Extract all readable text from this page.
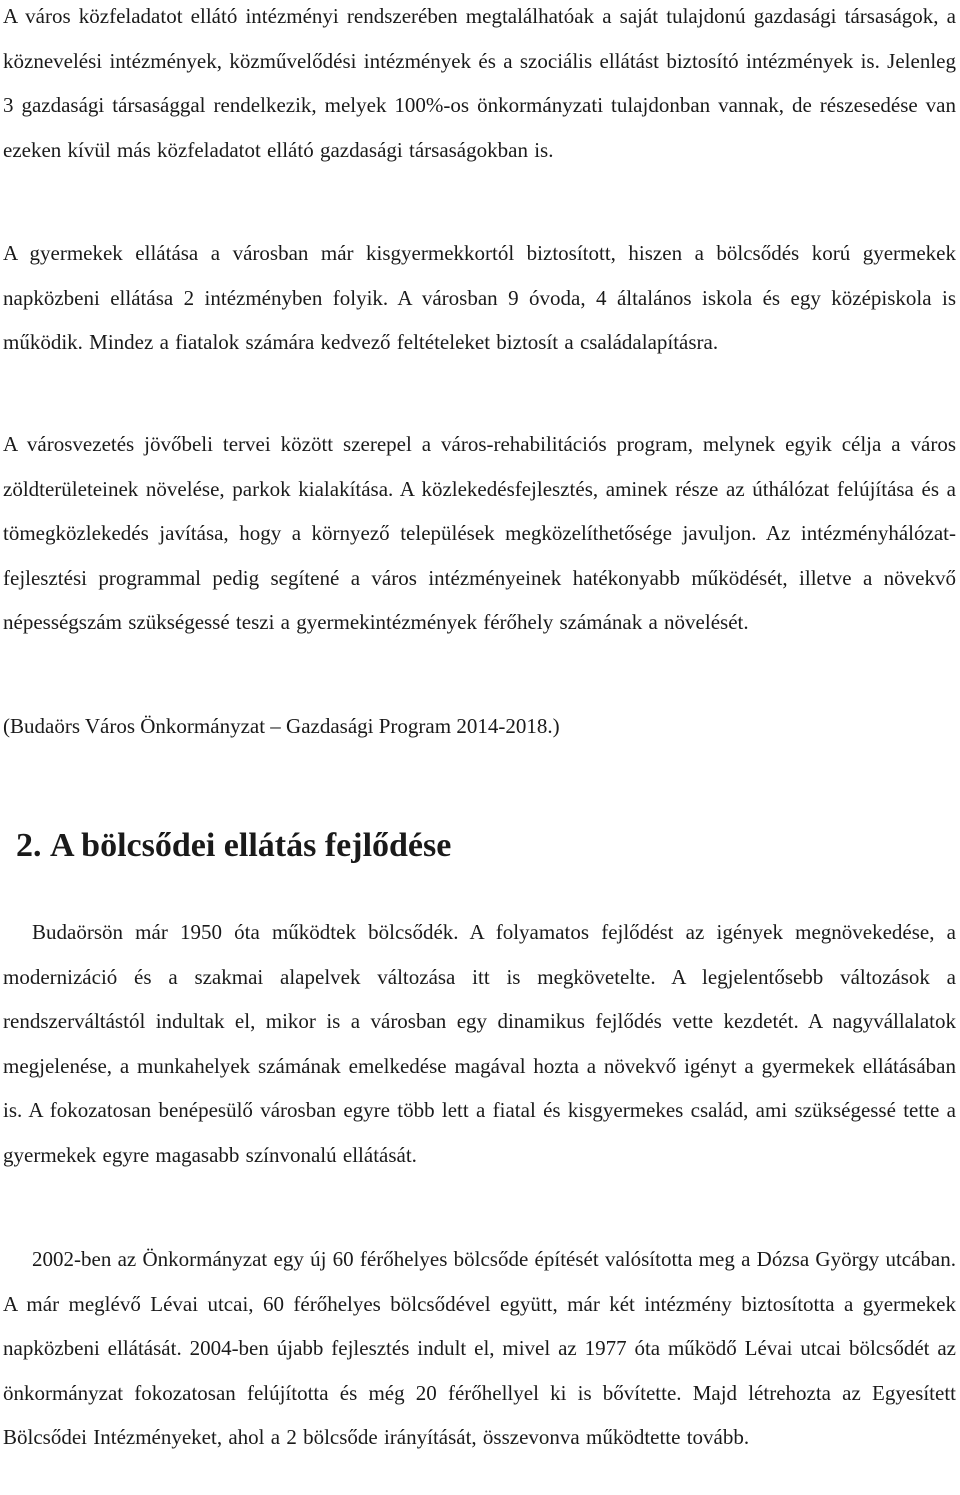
A város közfeladatot ellátó intézményi rendszerében megtalálhatóak a saját tulajdonú gazdasági társaságok, a köznevelési intézmények, közművelődési intézmények és a szociális ellátást biztosító intézmények is. Jelenleg 3 gazdasági társasággal rendelkezik, melyek 100%-os önkormányzati tulajdonban vannak, de részesedése van ezeken kívül más közfeladatot ellátó gazdasági társaságokban is.

A gyermekek ellátása a városban már kisgyermekkortól biztosított, hiszen a bölcsődés korú gyermekek napközbeni ellátása 2 intézményben folyik. A városban 9 óvoda, 4 általános iskola és egy középiskola is működik. Mindez a fiatalok számára kedvező feltételeket biztosít a családalapításra.

A városvezetés jövőbeli tervei között szerepel a város-rehabilitációs program, melynek egyik célja a város zöldterületeinek növelése, parkok kialakítása. A közlekedésfejlesztés, aminek része az úthálózat felújítása és a tömegközlekedés javítása, hogy a környező települések megközelíthetősége javuljon. Az intézményhálózat-fejlesztési programmal pedig segítené a város intézményeinek hatékonyabb működését, illetve a növekvő népességszám szükségessé teszi a gyermekintézmények férőhely számának a növelését.

(Budaörs Város Önkormányzat – Gazdasági Program 2014-2018.)

2. A bölcsődei ellátás fejlődése

Budaörsön már 1950 óta működtek bölcsődék. A folyamatos fejlődést az igények megnövekedése, a modernizáció és a szakmai alapelvek változása itt is megkövetelte. A legjelentősebb változások a rendszerváltástól indultak el, mikor is a városban egy dinamikus fejlődés vette kezdetét. A nagyvállalatok megjelenése, a munkahelyek számának emelkedése magával hozta a növekvő igényt a gyermekek ellátásában is. A fokozatosan benépesülő városban egyre több lett a fiatal és kisgyermekes család, ami szükségessé tette a gyermekek egyre magasabb színvonalú ellátását.

2002-ben az Önkormányzat egy új 60 férőhelyes bölcsőde építését valósította meg a Dózsa György utcában. A már meglévő Lévai utcai, 60 férőhelyes bölcsődével együtt, már két intézmény biztosította a gyermekek napközbeni ellátását. 2004-ben újabb fejlesztés indult el, mivel az 1977 óta működő Lévai utcai bölcsődét az önkormányzat fokozatosan felújította és még 20 férőhellyel ki is bővítette. Majd létrehozta az Egyesített Bölcsődei Intézményeket, ahol a 2 bölcsőde irányítását, összevonva működtette tovább.
